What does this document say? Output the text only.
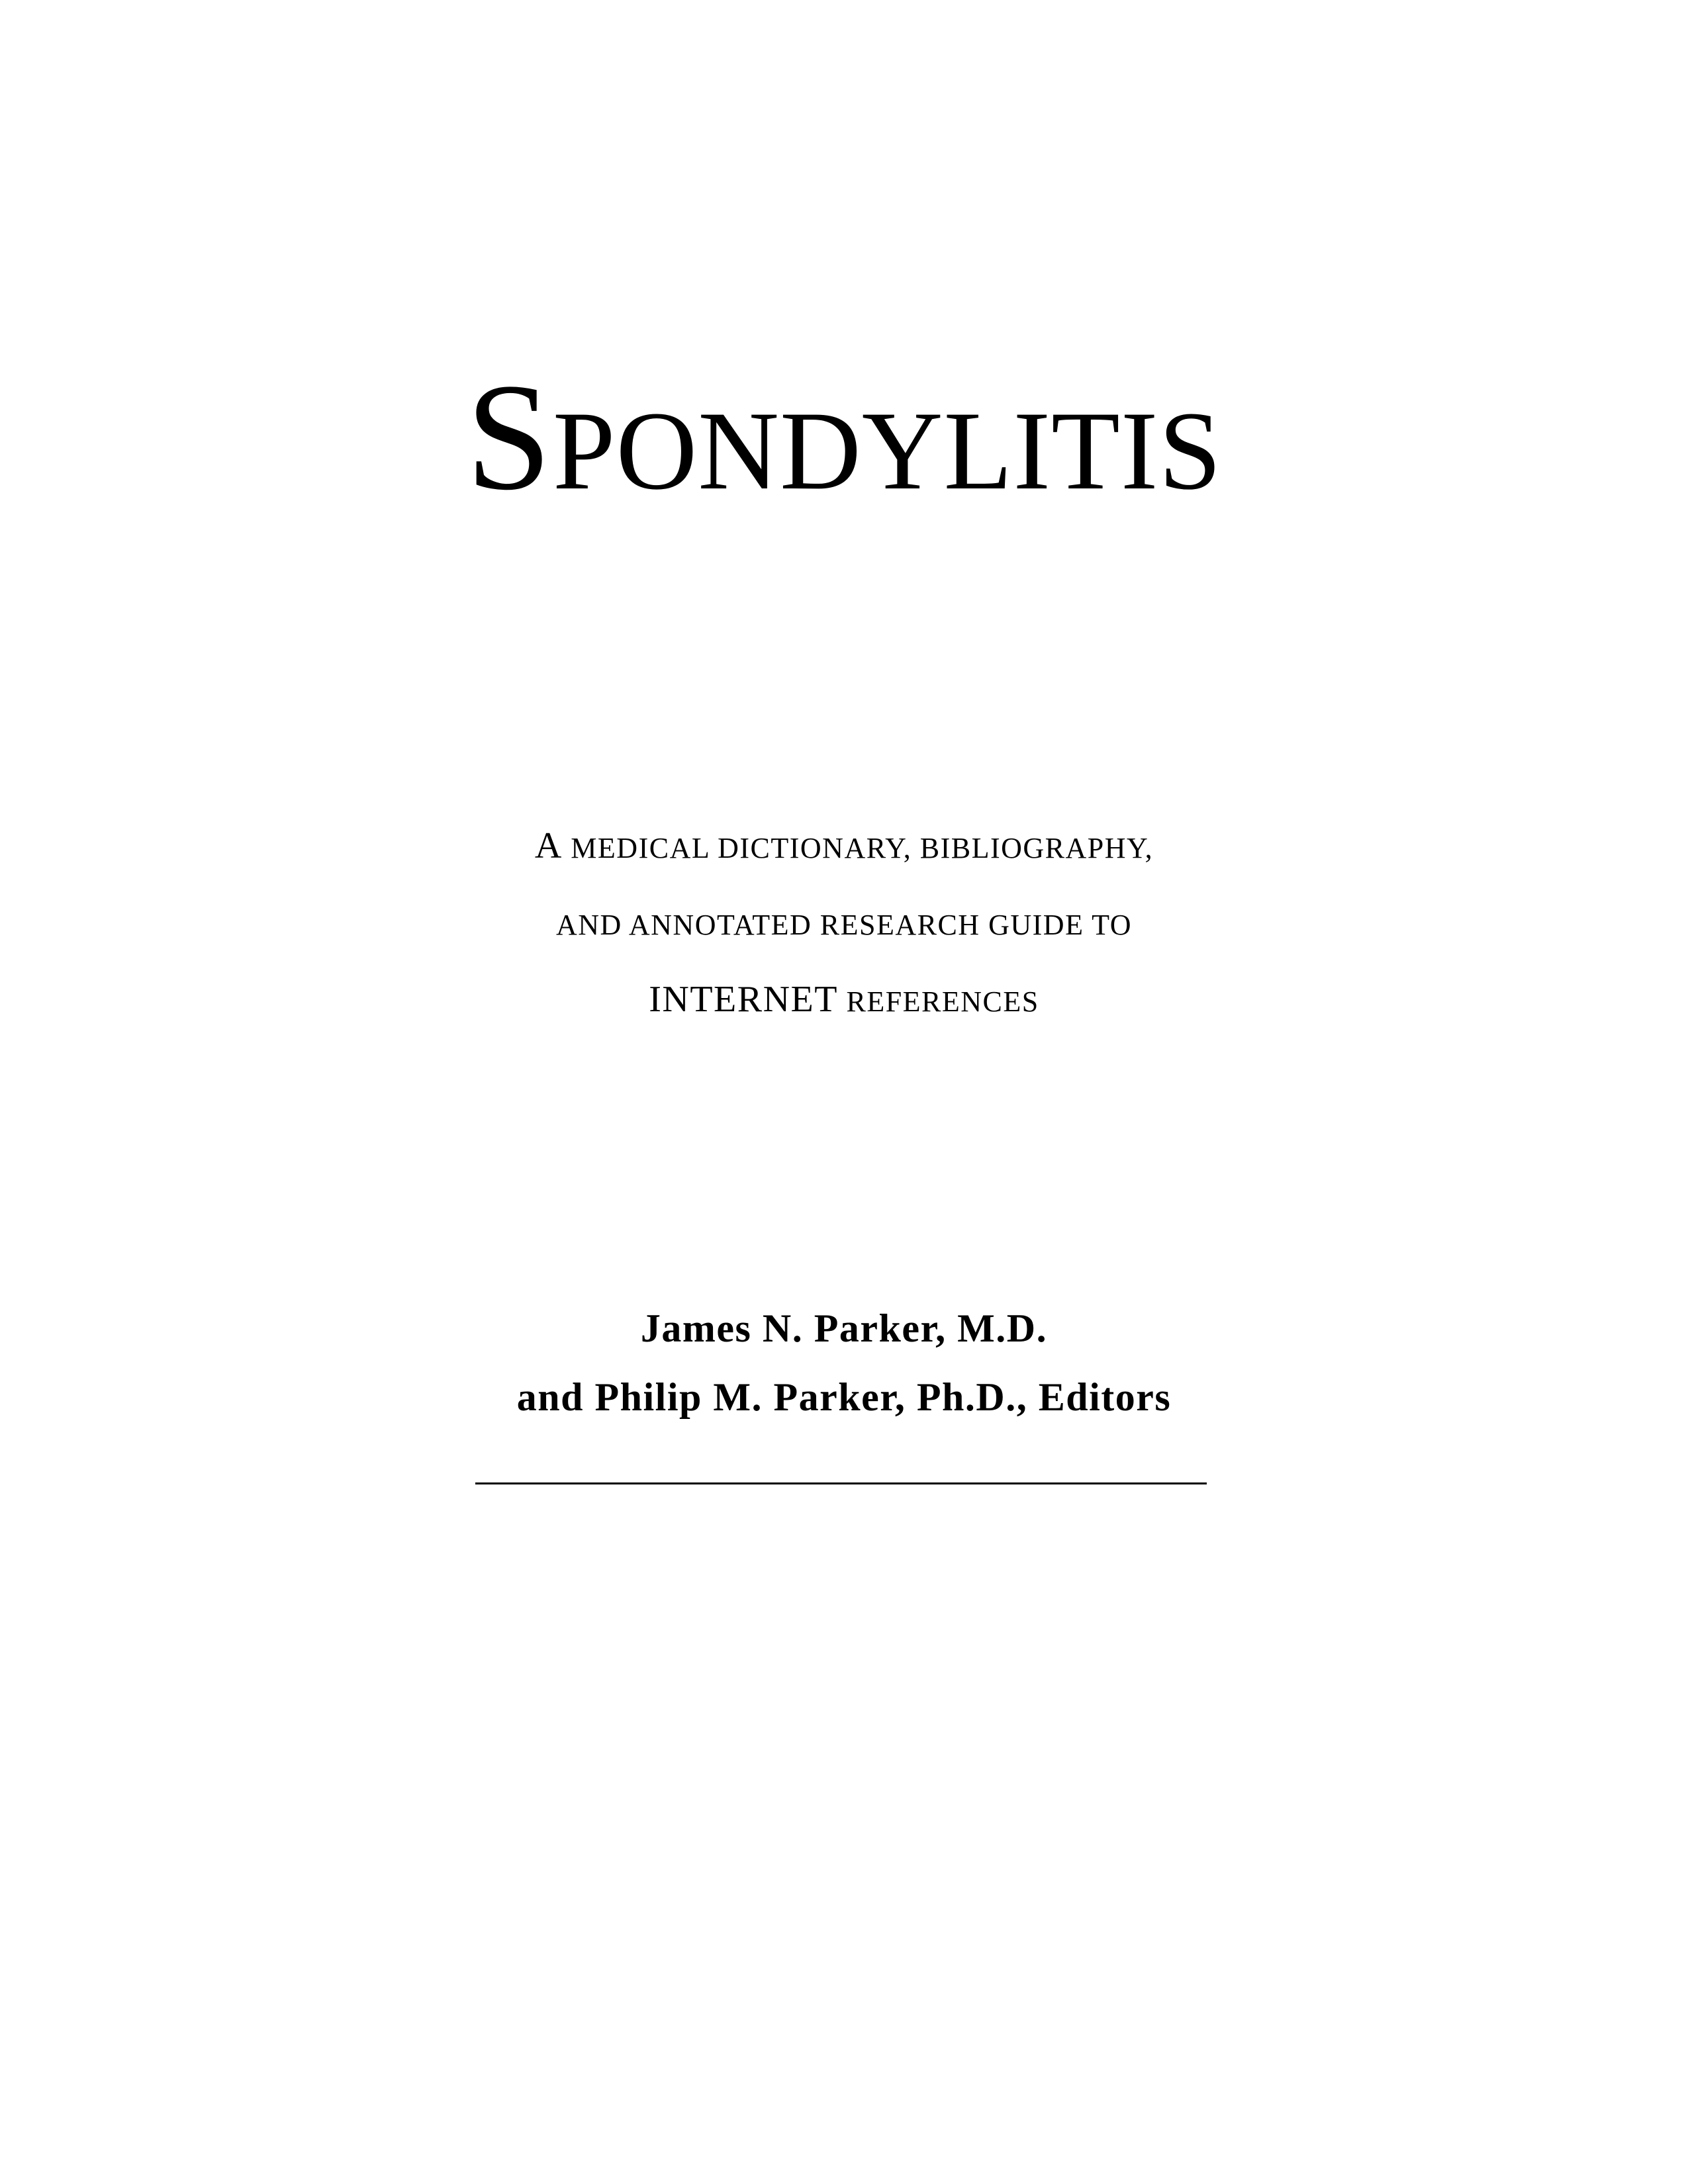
SPONDYLITIS
A MEDICAL DICTIONARY, BIBLIOGRAPHY,
AND ANNOTATED RESEARCH GUIDE TO
INTERNET REFERENCES
James N. Parker, M.D.
and Philip M. Parker, Ph.D., Editors
